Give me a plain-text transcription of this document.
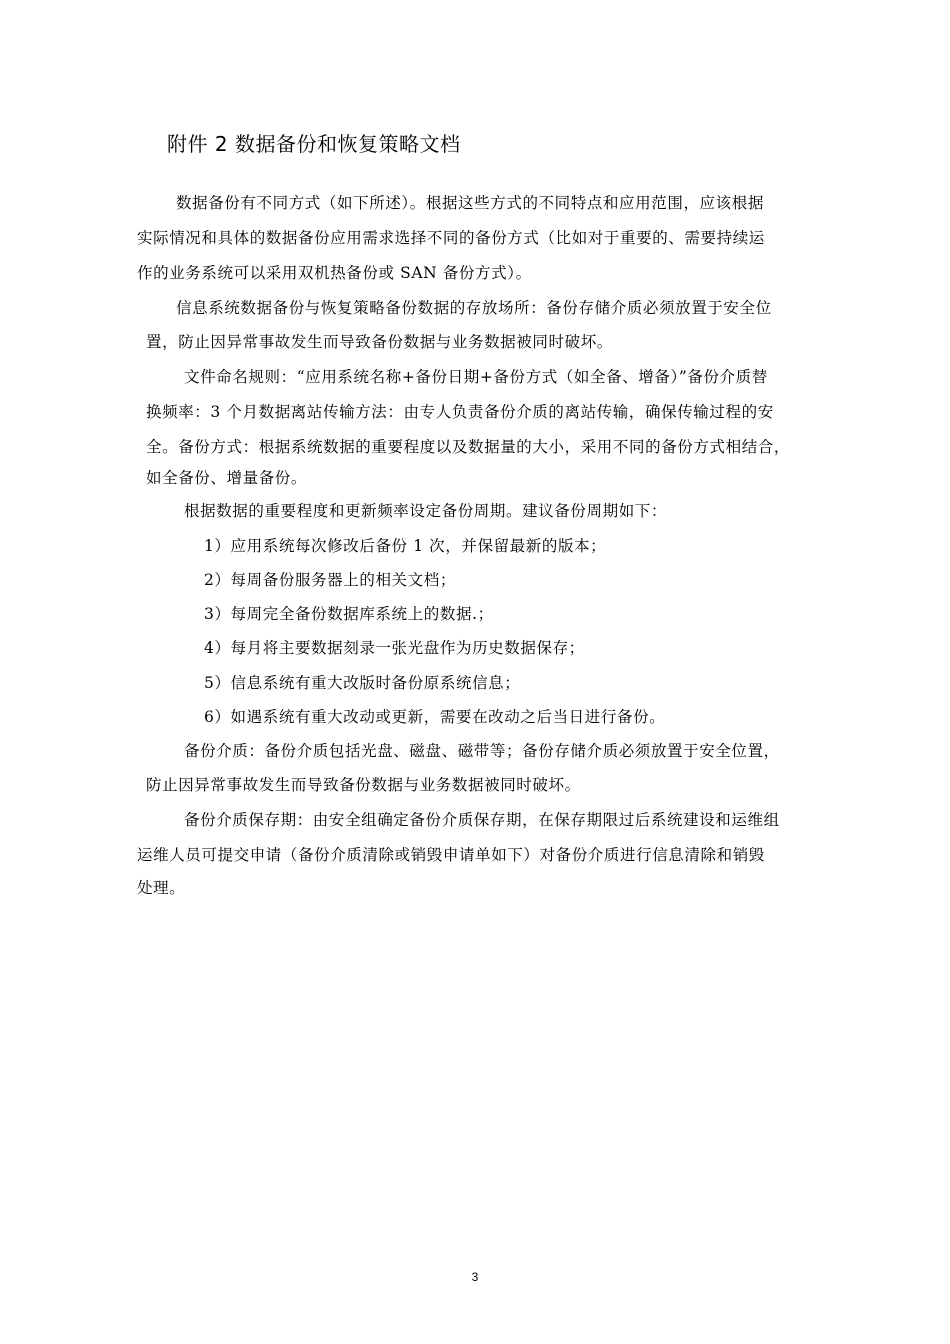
附件 2 数据备份和恢复策略文档
数据备份有不同方式（如下所述）。根据这些方式的不同特点和应用范围，应该根据
实际情况和具体的数据备份应用需求选择不同的备份方式（比如对于重要的、需要持续运
作的业务系统可以采用双机热备份或 SAN 备份方式）。
信息系统数据备份与恢复策略备份数据的存放场所：备份存储介质必须放置于安全位
置，防止因异常事故发生而导致备份数据与业务数据被同时破坏。
文件命名规则：“应用系统名称+备份日期+备份方式（如全备、增备）”备份介质替
换频率：3 个月数据离站传输方法：由专人负责备份介质的离站传输，确保传输过程的安
全。备份方式：根据系统数据的重要程度以及数据量的大小，采用不同的备份方式相结合，
如全备份、增量备份。
根据数据的重要程度和更新频率设定备份周期。建议备份周期如下：
1）应用系统每次修改后备份 1 次，并保留最新的版本；
2）每周备份服务器上的相关文档；
3）每周完全备份数据库系统上的数据.；
4）每月将主要数据刻录一张光盘作为历史数据保存；
5）信息系统有重大改版时备份原系统信息；
6）如遇系统有重大改动或更新，需要在改动之后当日进行备份。
备份介质：备份介质包括光盘、磁盘、磁带等；备份存储介质必须放置于安全位置，
防止因异常事故发生而导致备份数据与业务数据被同时破坏。
备份介质保存期：由安全组确定备份介质保存期，在保存期限过后系统建设和运维组
运维人员可提交申请（备份介质清除或销毁申请单如下）对备份介质进行信息清除和销毁
处理。
3
